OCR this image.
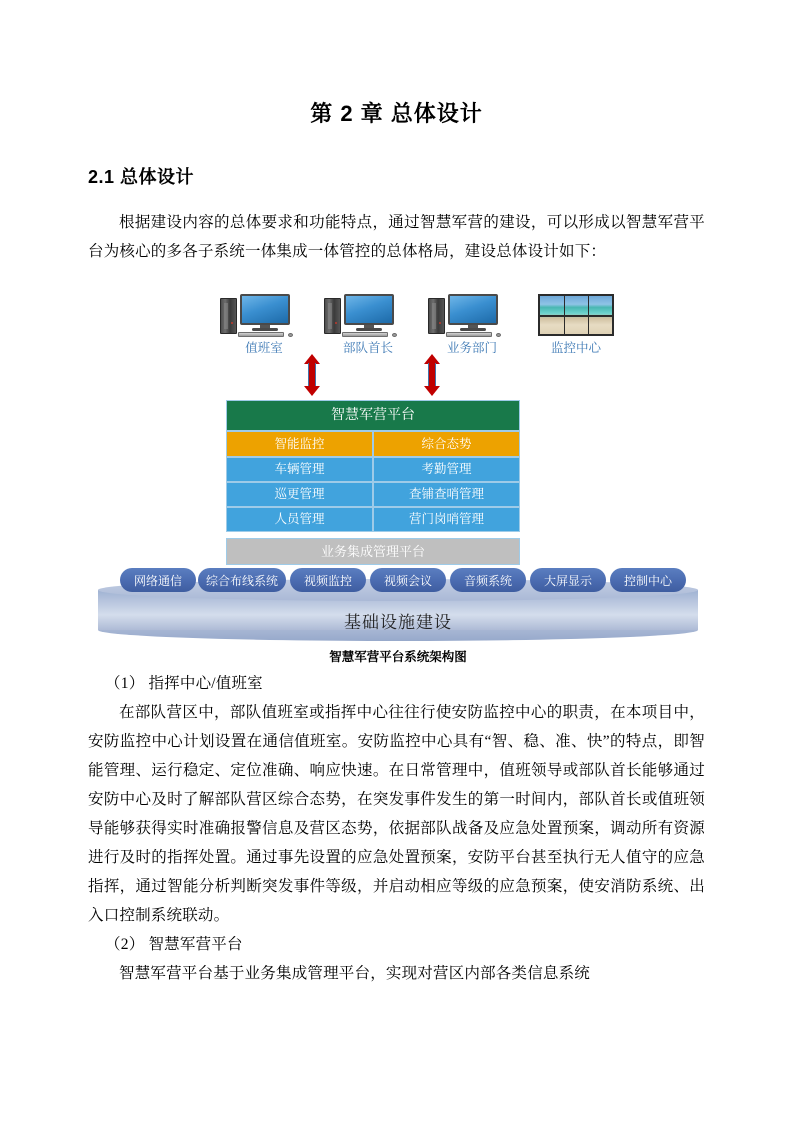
第 2 章 总体设计
2.1 总体设计
根据建设内容的总体要求和功能特点，通过智慧军营的建设，可以形成以智慧军营平台为核心的多各子系统一体集成一体管控的总体格局，建设总体设计如下：
值班室	部队首长	业务部门	监控中心
智慧军营平台
智能监控	综合态势
车辆管理	考勤管理
巡更管理	查铺查哨管理
人员管理	营门岗哨管理
业务集成管理平台
基础设施建设
网络通信	综合布线系统	视频监控	视频会议	音频系统	大屏显示	控制中心
智慧军营平台系统架构图
（1） 指挥中心/值班室
在部队营区中，部队值班室或指挥中心往往行使安防监控中心的职责，在本项目中，安防监控中心计划设置在通信值班室。安防监控中心具有“智、稳、准、快”的特点，即智能管理、运行稳定、定位准确、响应快速。在日常管理中，值班领导或部队首长能够通过安防中心及时了解部队营区综合态势，在突发事件发生的第一时间内，部队首长或值班领导能够获得实时准确报警信息及营区态势，依据部队战备及应急处置预案，调动所有资源进行及时的指挥处置。通过事先设置的应急处置预案，安防平台甚至执行无人值守的应急指挥，通过智能分析判断突发事件等级，并启动相应等级的应急预案，使安消防系统、出入口控制系统联动。
（2） 智慧军营平台
智慧军营平台基于业务集成管理平台，实现对营区内部各类信息系统
